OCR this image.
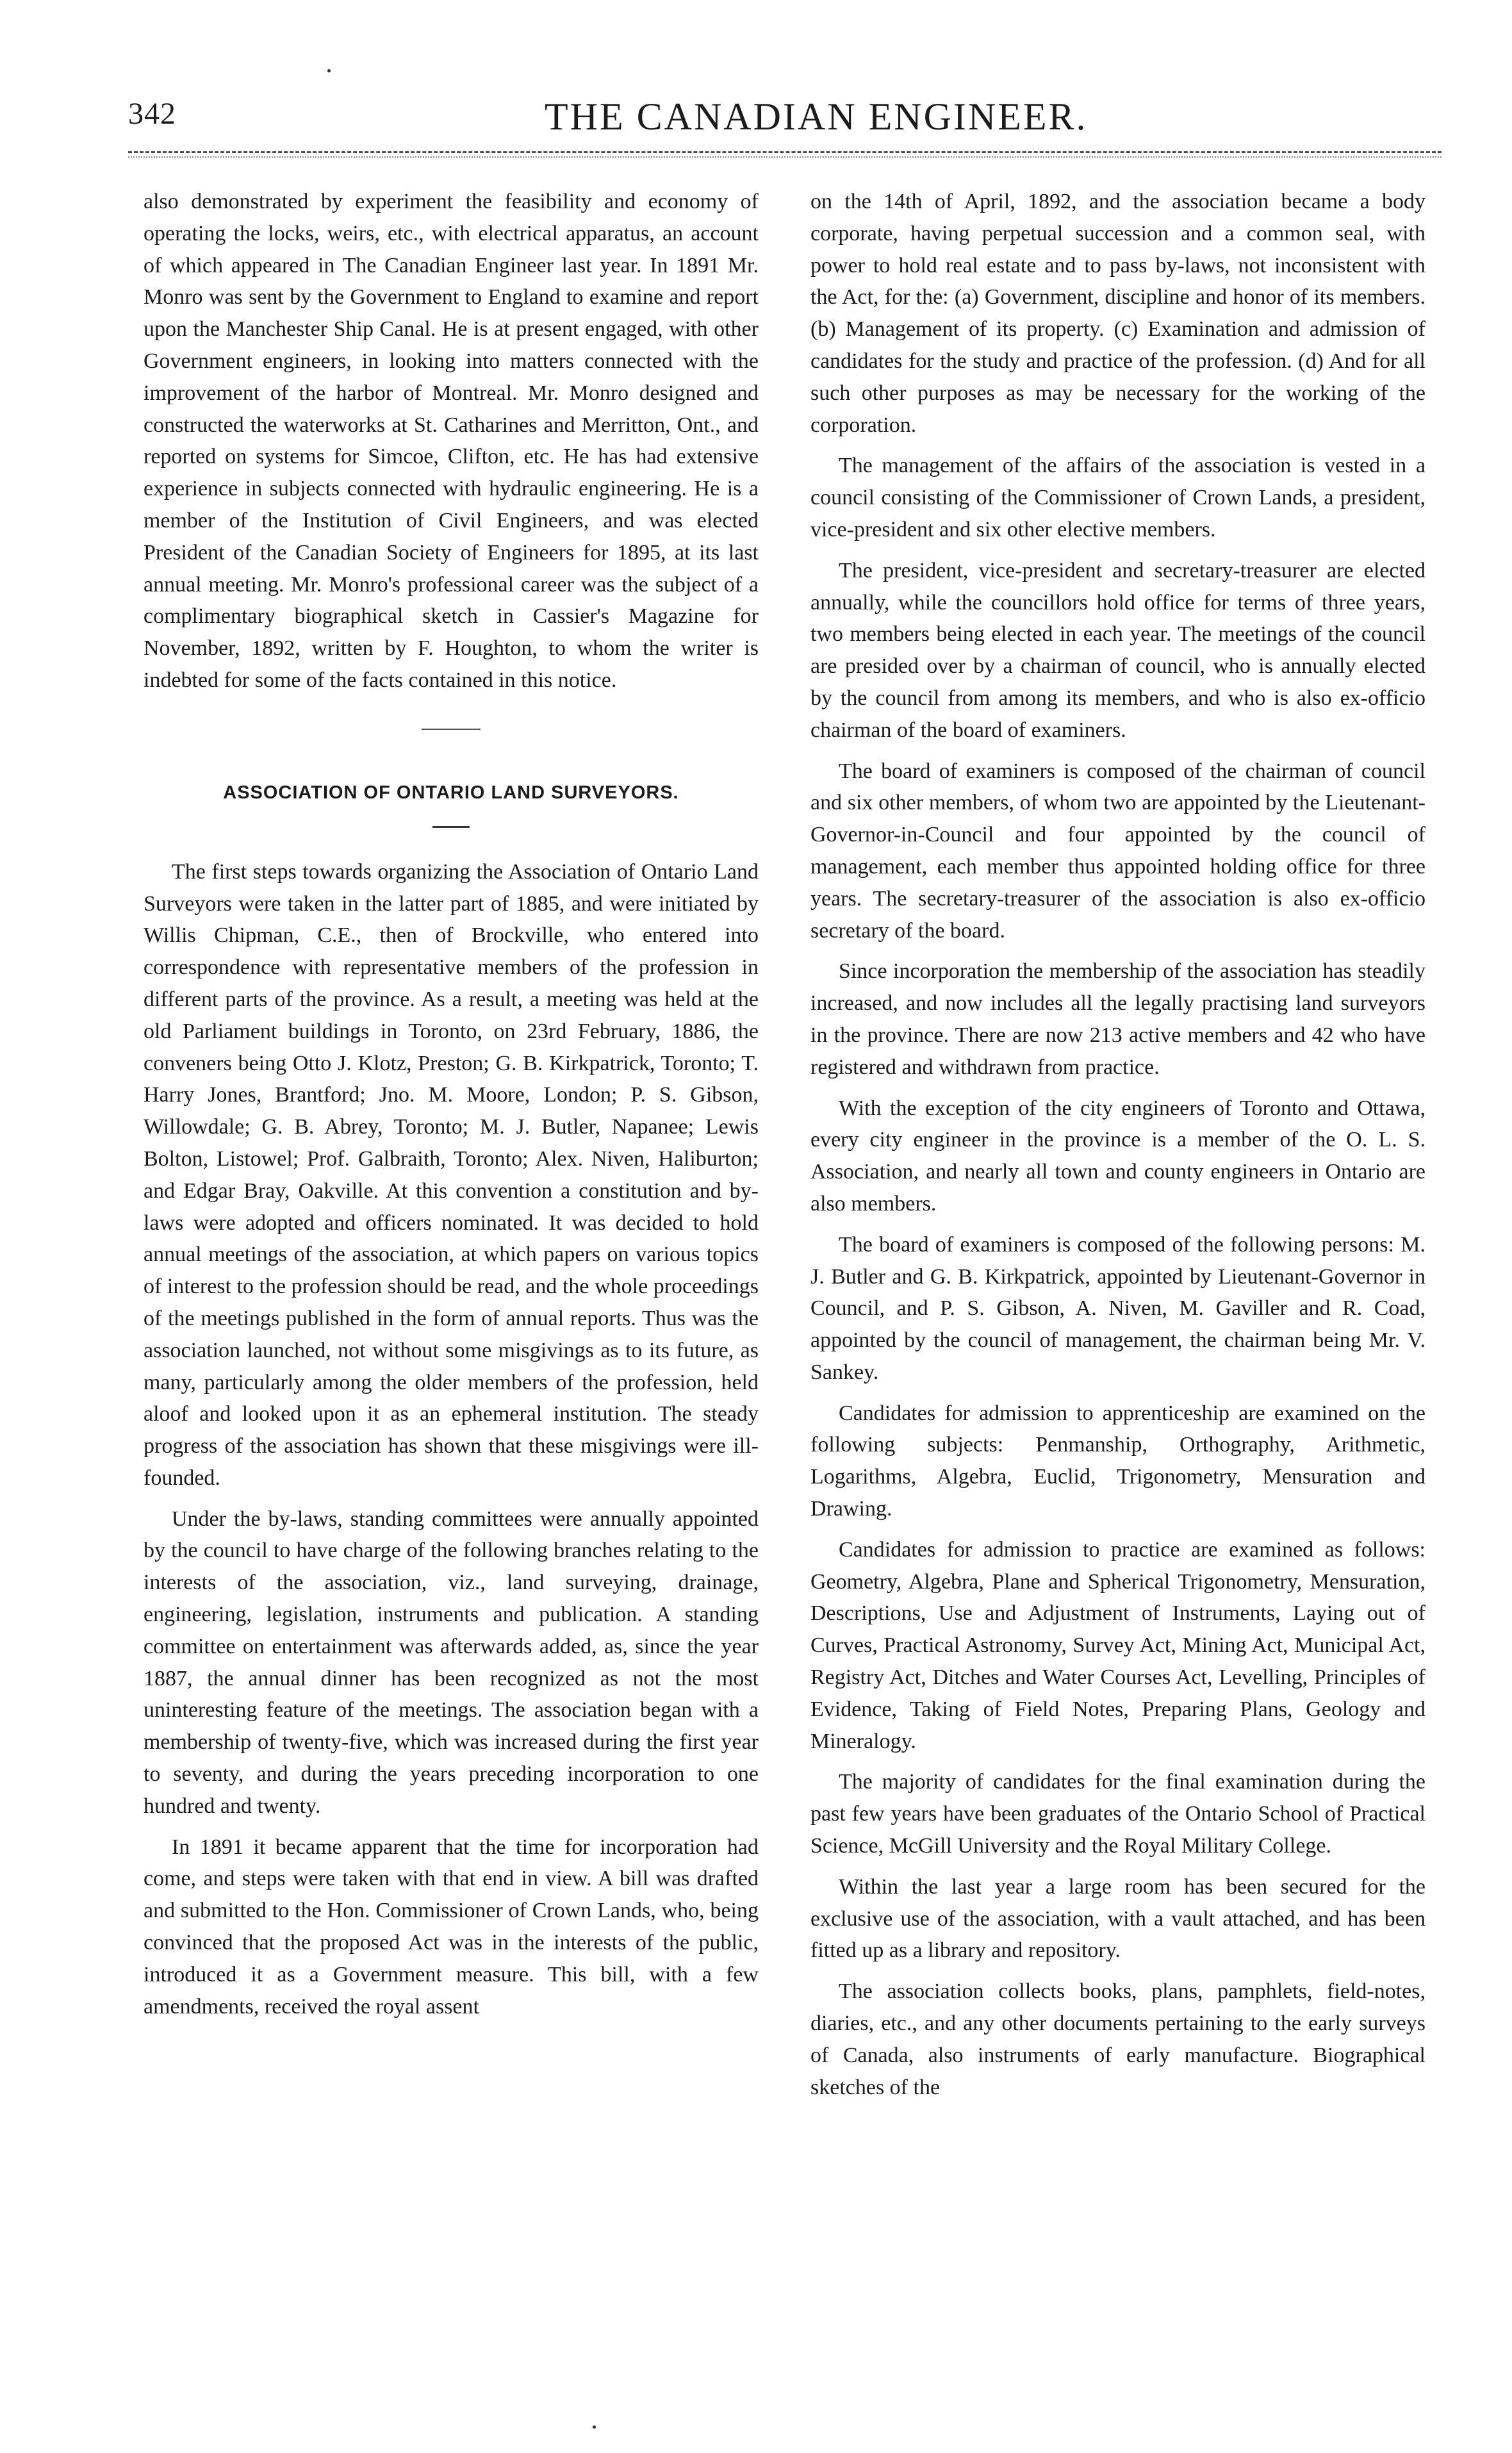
342	THE CANADIAN ENGINEER.

also demonstrated by experiment the feasibility and economy of operating the locks, weirs, etc., with electrical apparatus, an account of which appeared in The Canadian Engineer last year. In 1891 Mr. Monro was sent by the Government to England to examine and report upon the Manchester Ship Canal. He is at present engaged, with other Government engineers, in looking into matters connected with the improvement of the harbor of Montreal. Mr. Monro designed and constructed the waterworks at St. Catharines and Merritton, Ont., and reported on systems for Simcoe, Clifton, etc. He has had extensive experience in subjects connected with hydraulic engineering. He is a member of the Institution of Civil Engineers, and was elected President of the Canadian Society of Engineers for 1895, at its last annual meeting. Mr. Monro's professional career was the subject of a complimentary biographical sketch in Cassier's Magazine for November, 1892, written by F. Houghton, to whom the writer is indebted for some of the facts contained in this notice.

ASSOCIATION OF ONTARIO LAND SURVEYORS.

The first steps towards organizing the Association of Ontario Land Surveyors were taken in the latter part of 1885, and were initiated by Willis Chipman, C.E., then of Brockville, who entered into correspondence with representative members of the profession in different parts of the province. As a result, a meeting was held at the old Parliament buildings in Toronto, on 23rd February, 1886, the conveners being Otto J. Klotz, Preston; G. B. Kirkpatrick, Toronto; T. Harry Jones, Brantford; Jno. M. Moore, London; P. S. Gibson, Willowdale; G. B. Abrey, Toronto; M. J. Butler, Napanee; Lewis Bolton, Listowel; Prof. Galbraith, Toronto; Alex. Niven, Haliburton; and Edgar Bray, Oakville. At this convention a constitution and by-laws were adopted and officers nominated. It was decided to hold annual meetings of the association, at which papers on various topics of interest to the profession should be read, and the whole proceedings of the meetings published in the form of annual reports. Thus was the association launched, not without some misgivings as to its future, as many, particularly among the older members of the profession, held aloof and looked upon it as an ephemeral institution. The steady progress of the association has shown that these misgivings were ill-founded.

Under the by-laws, standing committees were annually appointed by the council to have charge of the following branches relating to the interests of the association, viz., land surveying, drainage, engineering, legislation, instruments and publication. A standing committee on entertainment was afterwards added, as, since the year 1887, the annual dinner has been recognized as not the most uninteresting feature of the meetings. The association began with a membership of twenty-five, which was increased during the first year to seventy, and during the years preceding incorporation to one hundred and twenty.

In 1891 it became apparent that the time for incorporation had come, and steps were taken with that end in view. A bill was drafted and submitted to the Hon. Commissioner of Crown Lands, who, being convinced that the proposed Act was in the interests of the public, introduced it as a Government measure. This bill, with a few amendments, received the royal assent

on the 14th of April, 1892, and the association became a body corporate, having perpetual succession and a common seal, with power to hold real estate and to pass by-laws, not inconsistent with the Act, for the: (a) Government, discipline and honor of its members. (b) Management of its property. (c) Examination and admission of candidates for the study and practice of the profession. (d) And for all such other purposes as may be necessary for the working of the corporation.

The management of the affairs of the association is vested in a council consisting of the Commissioner of Crown Lands, a president, vice-president and six other elective members.

The president, vice-president and secretary-treasurer are elected annually, while the councillors hold office for terms of three years, two members being elected in each year. The meetings of the council are presided over by a chairman of council, who is annually elected by the council from among its members, and who is also ex-officio chairman of the board of examiners.

The board of examiners is composed of the chairman of council and six other members, of whom two are appointed by the Lieutenant-Governor-in-Council and four appointed by the council of management, each member thus appointed holding office for three years. The secretary-treasurer of the association is also ex-officio secretary of the board.

Since incorporation the membership of the association has steadily increased, and now includes all the legally practising land surveyors in the province. There are now 213 active members and 42 who have registered and withdrawn from practice.

With the exception of the city engineers of Toronto and Ottawa, every city engineer in the province is a member of the O. L. S. Association, and nearly all town and county engineers in Ontario are also members.

The board of examiners is composed of the following persons: M. J. Butler and G. B. Kirkpatrick, appointed by Lieutenant-Governor in Council, and P. S. Gibson, A. Niven, M. Gaviller and R. Coad, appointed by the council of management, the chairman being Mr. V. Sankey.

Candidates for admission to apprenticeship are examined on the following subjects: Penmanship, Orthography, Arithmetic, Logarithms, Algebra, Euclid, Trigonometry, Mensuration and Drawing.

Candidates for admission to practice are examined as follows: Geometry, Algebra, Plane and Spherical Trigonometry, Mensuration, Descriptions, Use and Adjustment of Instruments, Laying out of Curves, Practical Astronomy, Survey Act, Mining Act, Municipal Act, Registry Act, Ditches and Water Courses Act, Levelling, Principles of Evidence, Taking of Field Notes, Preparing Plans, Geology and Mineralogy.

The majority of candidates for the final examination during the past few years have been graduates of the Ontario School of Practical Science, McGill University and the Royal Military College.

Within the last year a large room has been secured for the exclusive use of the association, with a vault attached, and has been fitted up as a library and repository.

The association collects books, plans, pamphlets, field-notes, diaries, etc., and any other documents pertaining to the early surveys of Canada, also instruments of early manufacture. Biographical sketches of the
